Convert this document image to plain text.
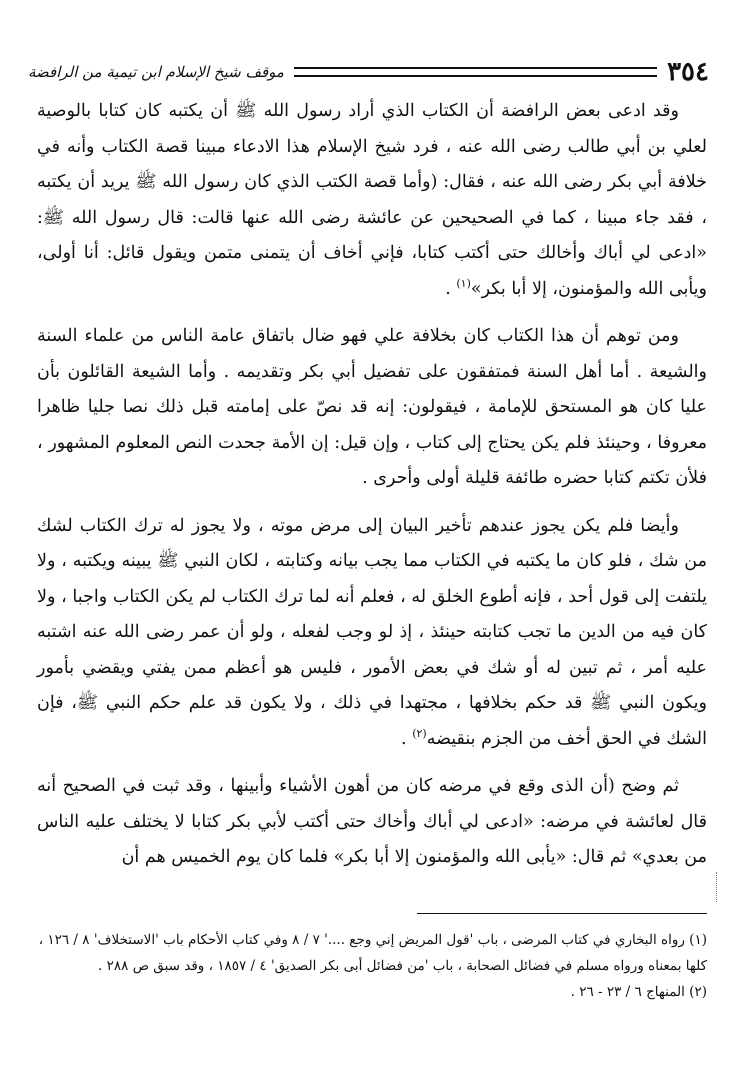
٣٥٤
موقف شيخ الإسلام ابن تيمية من الرافضة

وقد ادعى بعض الرافضة أن الكتاب الذي أراد رسول الله ﷺ أن يكتبه كان كتابا بالوصية لعلي بن أبي طالب رضى الله عنه ، فرد شيخ الإسلام هذا الادعاء مبينا قصة الكتاب وأنه في خلافة أبي بكر رضى الله عنه ، فقال: (وأما قصة الكتب الذي كان رسول الله ﷺ يريد أن يكتبه ، فقد جاء مبينا ، كما في الصحيحين عن عائشة رضى الله عنها قالت: قال رسول الله ﷺ: «ادعى لي أباك وأخالك حتى أكتب كتابا، فإني أخاف أن يتمنى متمن ويقول قائل: أنا أولى، ويأبى الله والمؤمنون، إلا أبا بكر»$^{(١)}$ .

ومن توهم أن هذا الكتاب كان بخلافة علي فهو ضال باتفاق عامة الناس من علماء السنة والشيعة . أما أهل السنة فمتفقون على تفضيل أبي بكر وتقديمه . وأما الشيعة القائلون بأن عليا كان هو المستحق للإمامة ، فيقولون: إنه قد نصّ على إمامته قبل ذلك نصا جليا ظاهرا معروفا ، وحينئذ فلم يكن يحتاج إلى كتاب ، وإن قيل: إن الأمة جحدت النص المعلوم المشهور ، فلأن تكتم كتابا حضره طائفة قليلة أولى وأحرى .

وأيضا فلم يكن يجوز عندهم تأخير البيان إلى مرض موته ، ولا يجوز له ترك الكتاب لشك من شك ، فلو كان ما يكتبه في الكتاب مما يجب بيانه وكتابته ، لكان النبي ﷺ يبينه ويكتبه ، ولا يلتفت إلى قول أحد ، فإنه أطوع الخلق له ، فعلم أنه لما ترك الكتاب لم يكن الكتاب واجبا ، ولا كان فيه من الدين ما تجب كتابته حينئذ ، إذ لو وجب لفعله ، ولو أن عمر رضى الله عنه اشتبه عليه أمر ، ثم تبين له أو شك في بعض الأمور ، فليس هو أعظم ممن يفتي ويقضي بأمور ويكون النبي ﷺ قد حكم بخلافها ، مجتهدا في ذلك ، ولا يكون قد علم حكم النبي ﷺ، فإن الشك في الحق أخف من الجزم بنقيضه$^{(٢)}$ .

ثم وضح (أن الذى وقع في مرضه كان من أهون الأشياء وأبينها ، وقد ثبت في الصحيح أنه قال لعائشة في مرضه: «ادعى لي أباك وأخاك حتى أكتب لأبي بكر كتابا لا يختلف عليه الناس من بعدي» ثم قال: «يأبى الله والمؤمنون إلا أبا بكر» فلما كان يوم الخميس هم أن

(١) رواه البخاري في كتاب المرضى ، باب 'قول المريض إني وجع ....' ٧ / ٨ وفي كتاب الأحكام باب 'الاستخلاف' ٨ / ١٢٦ ، كلها بمعناه ورواه مسلم في فضائل الصحابة ، باب 'من فضائل أبى بكر الصديق' ٤ / ١٨٥٧ ، وقد سبق ص ٢٨٨ .

(٢) المنهاج ٦ / ٢٣ - ٢٦ .
